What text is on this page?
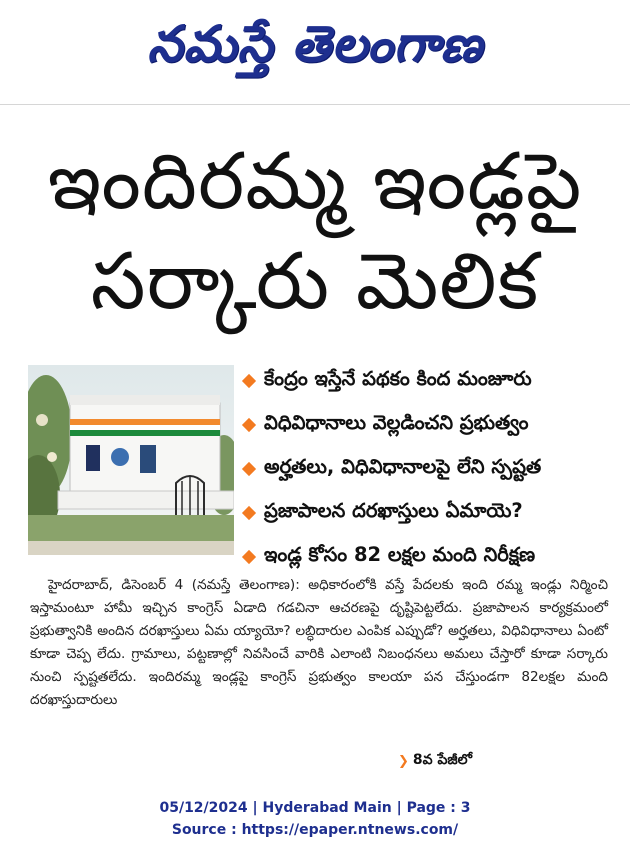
నమస్తే తెలంగాణ
ఇందిరమ్మ ఇండ్లపై
సర్కారు మెలిక
కేంద్రం ఇస్తేనే పథకం కింద మంజూరు
విధివిధానాలు వెల్లడించని ప్రభుత్వం
అర్హతలు, విధివిధానాలపై లేని స్పష్టత
ప్రజాపాలన దరఖాస్తులు ఏమాయె?
ఇండ్ల కోసం 82 లక్షల మంది నిరీక్షణ
హైదరాబాద్, డిసెంబర్ 4 (నమస్తే తెలంగాణ): అధికారంలోకి వస్తే పేదలకు ఇంది రమ్మ ఇండ్లు నిర్మించి ఇస్తామంటూ హామీ ఇచ్చిన కాంగ్రెస్ ఏడాది గడచినా ఆచరణపై దృష్టిపెట్టలేదు. ప్రజాపాలన కార్యక్రమంలో ప్రభుత్వానికి అందిన దరఖాస్తులు ఏమ య్యాయో? లబ్ధిదారుల ఎంపిక ఎప్పుడో? అర్హతలు, విధివిధానాలు ఏంటో కూడా చెప్ప లేదు. గ్రామాలు, పట్టణాల్లో నివసించే వారికి ఎలాంటి నిబంధనలు అమలు చేస్తారో కూడా సర్కారు నుంచి స్పష్టతలేదు. ఇందిరమ్మ ఇండ్లపై కాంగ్రెస్ ప్రభుత్వం కాలయా పన చేస్తుండగా 82లక్షల మంది దరఖాస్తుదారులు
❯ 8వ పేజీలో
05/12/2024 | Hyderabad Main | Page : 3
Source : https://epaper.ntnews.com/
